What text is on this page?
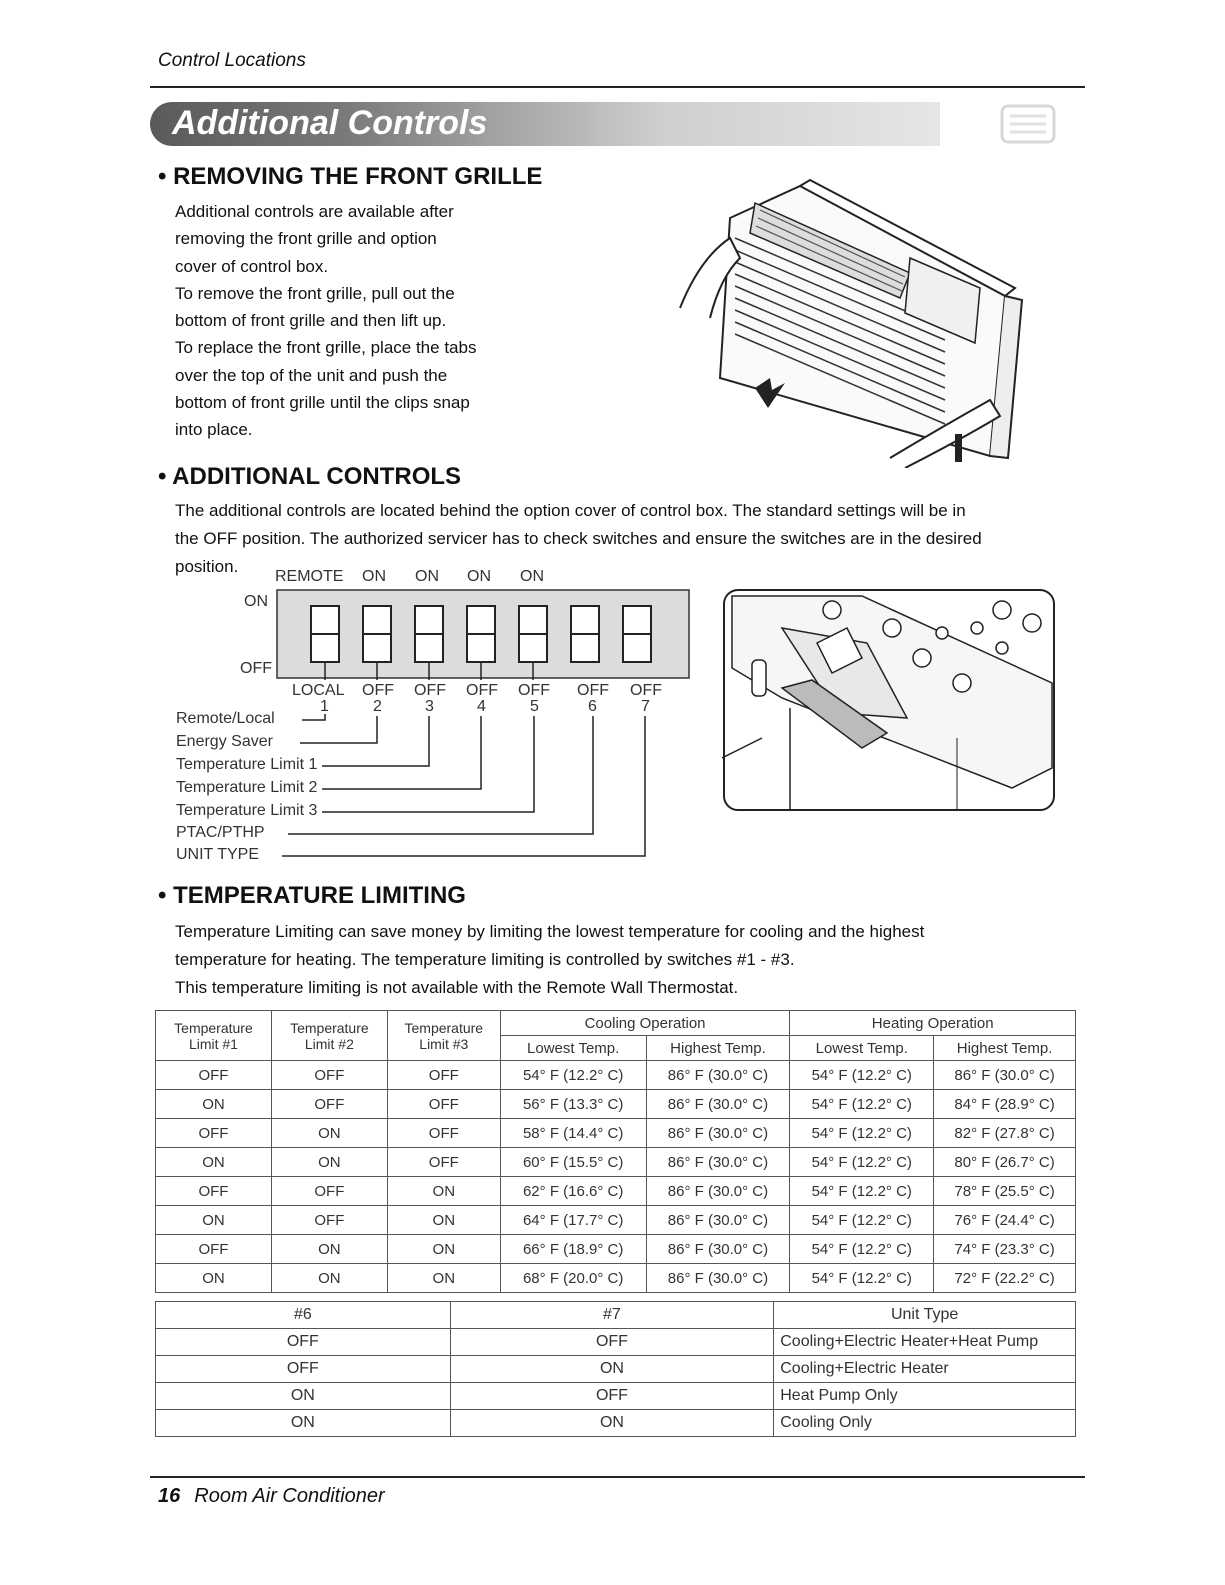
Control Locations
Additional Controls
• REMOVING THE FRONT GRILLE

Additional controls are available after

removing the front grille and option

cover of control box.

To remove the front grille, pull out the

bottom of front grille and then lift up.

To replace the front grille, place the tabs

over the top of the unit and push the

bottom of front grille until the clips snap

into place.

• ADDITIONAL CONTROLS
The additional controls are located behind the option cover of control box. The standard settings will be in
the OFF position. The authorized servicer has to check switches and ensure the switches are in the desired
position.
REMOTE ON ON ON ON
ON
OFF
LOCAL OFF OFF OFF OFF OFF OFF
1	2	3	4	5	6	7
Remote/Local
Energy Saver
Temperature Limit 1
Temperature Limit 2
Temperature Limit 3
PTAC/PTHP
UNIT TYPE
• TEMPERATURE LIMITING
Temperature Limiting can save money by limiting the lowest temperature for cooling and the highest
temperature for heating. The temperature limiting is controlled by switches #1 - #3.
This temperature limiting is not available with the Remote Wall Thermostat.
Temperature
Limit #1	Temperature
Limit #2	Temperature
Limit #3	Cooling Operation		Heating Operation	
			Lowest Temp.	Highest Temp.	Lowest Temp.	Highest Temp.
OFF	OFF	OFF	54° F (12.2° C)	86° F (30.0° C)	54° F (12.2° C)	86° F (30.0° C)
ON	OFF	OFF	56° F (13.3° C)	86° F (30.0° C)	54° F (12.2° C)	84° F (28.9° C)
OFF	ON	OFF	58° F (14.4° C)	86° F (30.0° C)	54° F (12.2° C)	82° F (27.8° C)
ON	ON	OFF	60° F (15.5° C)	86° F (30.0° C)	54° F (12.2° C)	80° F (26.7° C)
OFF	OFF	ON	62° F (16.6° C)	86° F (30.0° C)	54° F (12.2° C)	78° F (25.5° C)
ON	OFF	ON	64° F (17.7° C)	86° F (30.0° C)	54° F (12.2° C)	76° F (24.4° C)
OFF	ON	ON	66° F (18.9° C)	86° F (30.0° C)	54° F (12.2° C)	74° F (23.3° C)
ON	ON	ON	68° F (20.0° C)	86° F (30.0° C)	54° F (12.2° C)	72° F (22.2° C)
#6	#7	Unit Type
OFF	OFF	Cooling+Electric Heater+Heat Pump
OFF	ON	Cooling+Electric Heater
ON	OFF	Heat Pump Only
ON	ON	Cooling Only
16 Room Air Conditioner
